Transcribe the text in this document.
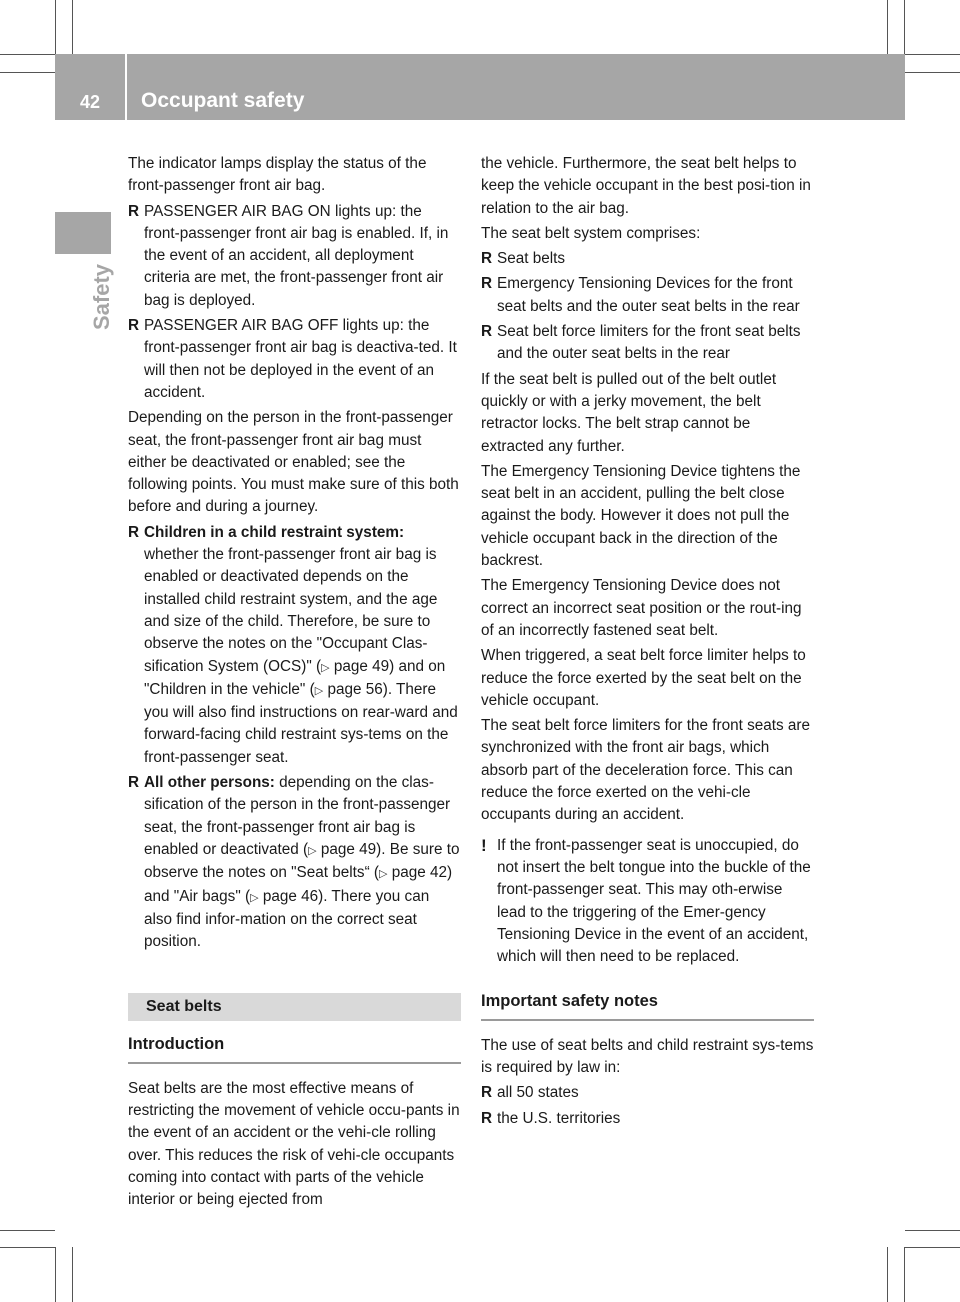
42 Occupant safety
Safety

The indicator lamps display the status of the front-passenger front air bag.

R PASSENGER AIR BAG ON lights up: the front-passenger front air bag is enabled. If, in the event of an accident, all deployment criteria are met, the front-passenger front air bag is deployed.
R PASSENGER AIR BAG OFF lights up: the front-passenger front air bag is deactiva-ted. It will then not be deployed in the event of an accident.

Depending on the person in the front-passenger seat, the front-passenger front air bag must either be deactivated or enabled; see the following points. You must make sure of this both before and during a journey.

R Children in a child restraint system:
whether the front-passenger front air bag is enabled or deactivated depends on the installed child restraint system, and the age and size of the child. Therefore, be sure to observe the notes on the "Occupant Clas-sification System (OCS)" (▷ page 49) and on "Children in the vehicle" (▷ page 56). There you will also find instructions on rear-ward and forward-facing child restraint sys-tems on the front-passenger seat.
R All other persons: depending on the clas-sification of the person in the front-passenger seat, the front-passenger front air bag is enabled or deactivated (▷ page 49). Be sure to observe the notes on "Seat belts“ (▷ page 42) and "Air bags" (▷ page 46). There you can also find infor-mation on the correct seat position.
Seat belts
Introduction

Seat belts are the most effective means of restricting the movement of vehicle occu-pants in the event of an accident or the vehi-cle rolling over. This reduces the risk of vehi-cle occupants coming into contact with parts of the vehicle interior or being ejected from

the vehicle. Furthermore, the seat belt helps to keep the vehicle occupant in the best posi-tion in relation to the air bag.

The seat belt system comprises:

R Seat belts
R Emergency Tensioning Devices for the front seat belts and the outer seat belts in the rear
R Seat belt force limiters for the front seat belts and the outer seat belts in the rear

If the seat belt is pulled out of the belt outlet quickly or with a jerky movement, the belt retractor locks. The belt strap cannot be extracted any further.

The Emergency Tensioning Device tightens the seat belt in an accident, pulling the belt close against the body. However it does not pull the vehicle occupant back in the direction of the backrest.

The Emergency Tensioning Device does not correct an incorrect seat position or the rout-ing of an incorrectly fastened seat belt.

When triggered, a seat belt force limiter helps to reduce the force exerted by the seat belt on the vehicle occupant.

The seat belt force limiters for the front seats are synchronized with the front air bags, which absorb part of the deceleration force. This can reduce the force exerted on the vehi-cle occupants during an accident.

! If the front-passenger seat is unoccupied, do not insert the belt tongue into the buckle of the front-passenger seat. This may oth-erwise lead to the triggering of the Emer-gency Tensioning Device in the event of an accident, which will then need to be replaced.
Important safety notes

The use of seat belts and child restraint sys-tems is required by law in:

R all 50 states
R the U.S. territories
